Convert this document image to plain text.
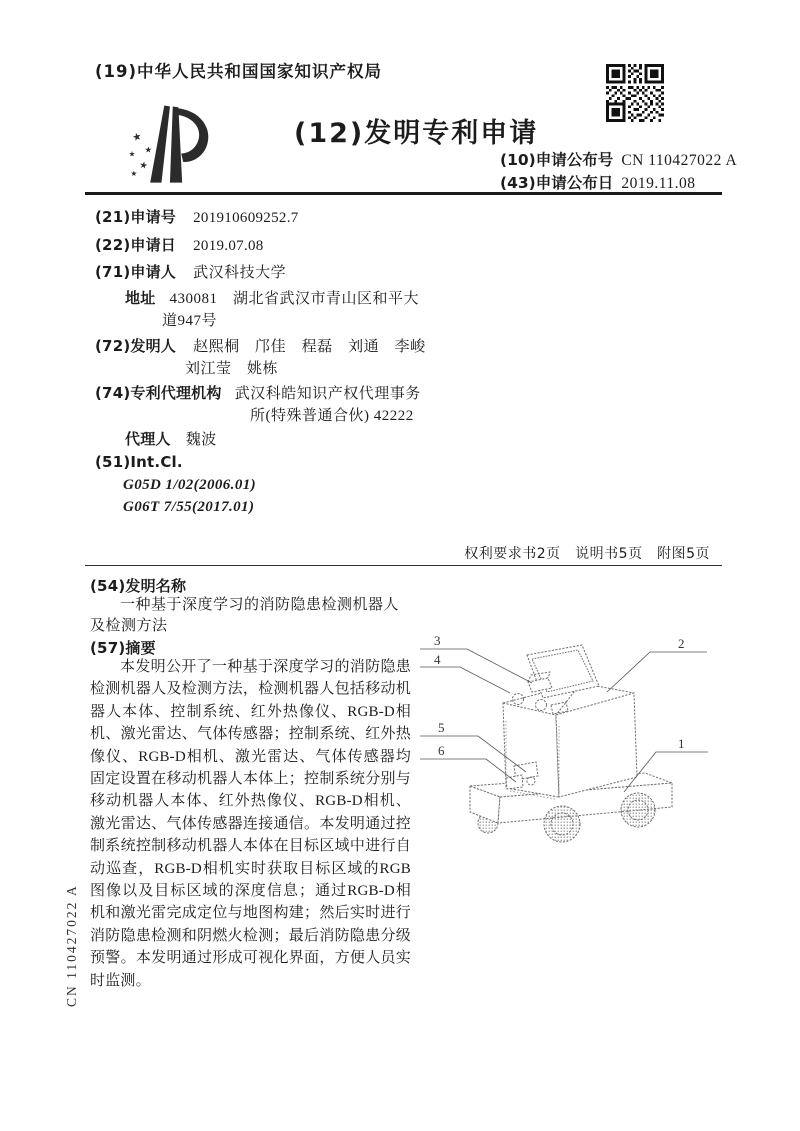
(19)中华人民共和国国家知识产权局
★
★
★
★
★
(12)发明专利申请
(10)申请公布号 CN 110427022 A
(43)申请公布日 2019.11.08
(21)申请号 201910609252.7
(22)申请日 2019.07.08
(71)申请人 武汉科技大学
地址 430081　湖北省武汉市青山区和平大
道947号
(72)发明人 赵熙桐　邝佳　程磊　刘通　李峻
刘江莹　姚栋
(74)专利代理机构 武汉科皓知识产权代理事务
所(特殊普通合伙) 42222
代理人 魏波
(51)Int.Cl.
G05D 1/02(2006.01)
G06T 7/55(2017.01)
权利要求书2页　说明书5页　附图5页
(54)发明名称
一种基于深度学习的消防隐患检测机器人及检测方法
(57)摘要
本发明公开了一种基于深度学习的消防隐患检测机器人及检测方法，检测机器人包括移动机器人本体、控制系统、红外热像仪、RGB-D相机、激光雷达、气体传感器；控制系统、红外热像仪、RGB-D相机、激光雷达、气体传感器均固定设置在移动机器人本体上；控制系统分别与移动机器人本体、红外热像仪、RGB-D相机、激光雷达、气体传感器连接通信。本发明通过控制系统控制移动机器人本体在目标区域中进行自动巡查，RGB-D相机实时获取目标区域的RGB图像以及目标区域的深度信息；通过RGB-D相机和激光雷完成定位与地图构建；然后实时进行消防隐患检测和阴燃火检测；最后消防隐患分级预警。本发明通过形成可视化界面，方便人员实时监测。
3
4
2
5
6	1
CN 110427022 A
